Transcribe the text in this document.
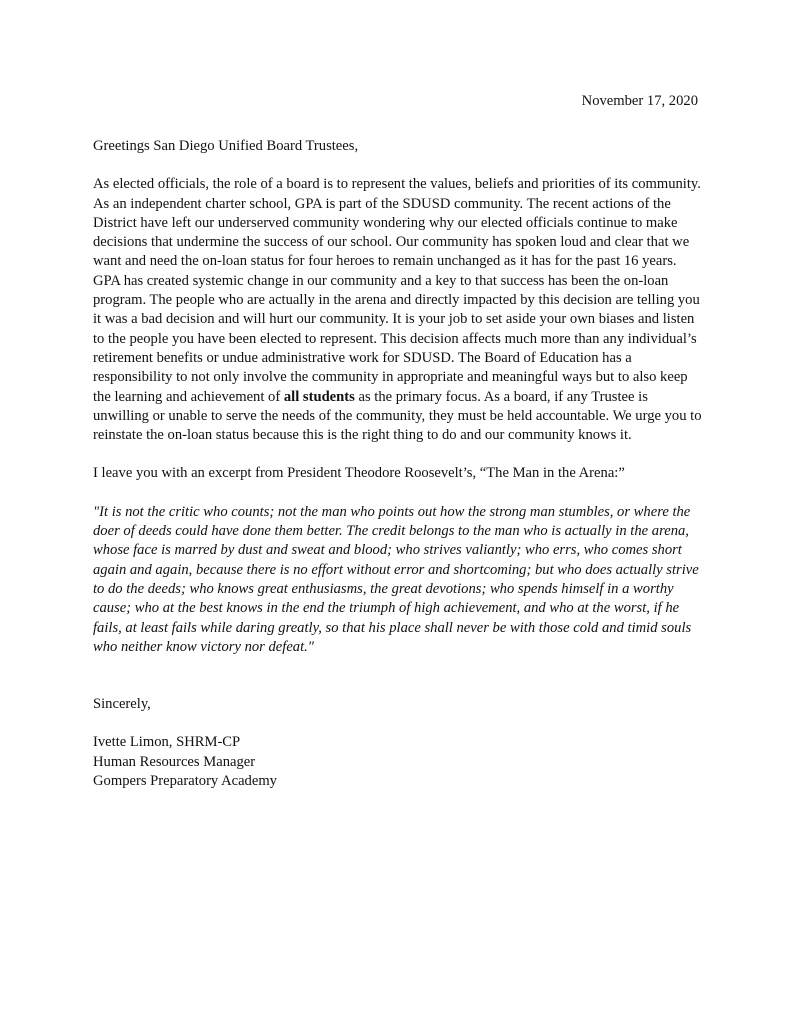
November 17, 2020

Greetings San Diego Unified Board Trustees,

As elected officials, the role of a board is to represent the values, beliefs and priorities of its community. As an independent charter school, GPA is part of the SDUSD community. The recent actions of the District have left our underserved community wondering why our elected officials continue to make decisions that undermine the success of our school. Our community has spoken loud and clear that we want and need the on-loan status for four heroes to remain unchanged as it has for the past 16 years. GPA has created systemic change in our community and a key to that success has been the on-loan program. The people who are actually in the arena and directly impacted by this decision are telling you it was a bad decision and will hurt our community. It is your job to set aside your own biases and listen to the people you have been elected to represent. This decision affects much more than any individual’s retirement benefits or undue administrative work for SDUSD. The Board of Education has a responsibility to not only involve the community in appropriate and meaningful ways but to also keep the learning and achievement of all students as the primary focus. As a board, if any Trustee is unwilling or unable to serve the needs of the community, they must be held accountable. We urge you to reinstate the on-loan status because this is the right thing to do and our community knows it.

I leave you with an excerpt from President Theodore Roosevelt’s, “The Man in the Arena:”

"It is not the critic who counts; not the man who points out how the strong man stumbles, or where the doer of deeds could have done them better. The credit belongs to the man who is actually in the arena, whose face is marred by dust and sweat and blood; who strives valiantly; who errs, who comes short again and again, because there is no effort without error and shortcoming; but who does actually strive to do the deeds; who knows great enthusiasms, the great devotions; who spends himself in a worthy cause; who at the best knows in the end the triumph of high achievement, and who at the worst, if he fails, at least fails while daring greatly, so that his place shall never be with those cold and timid souls who neither know victory nor defeat."

Sincerely,

Ivette Limon, SHRM-CP
Human Resources Manager
Gompers Preparatory Academy
